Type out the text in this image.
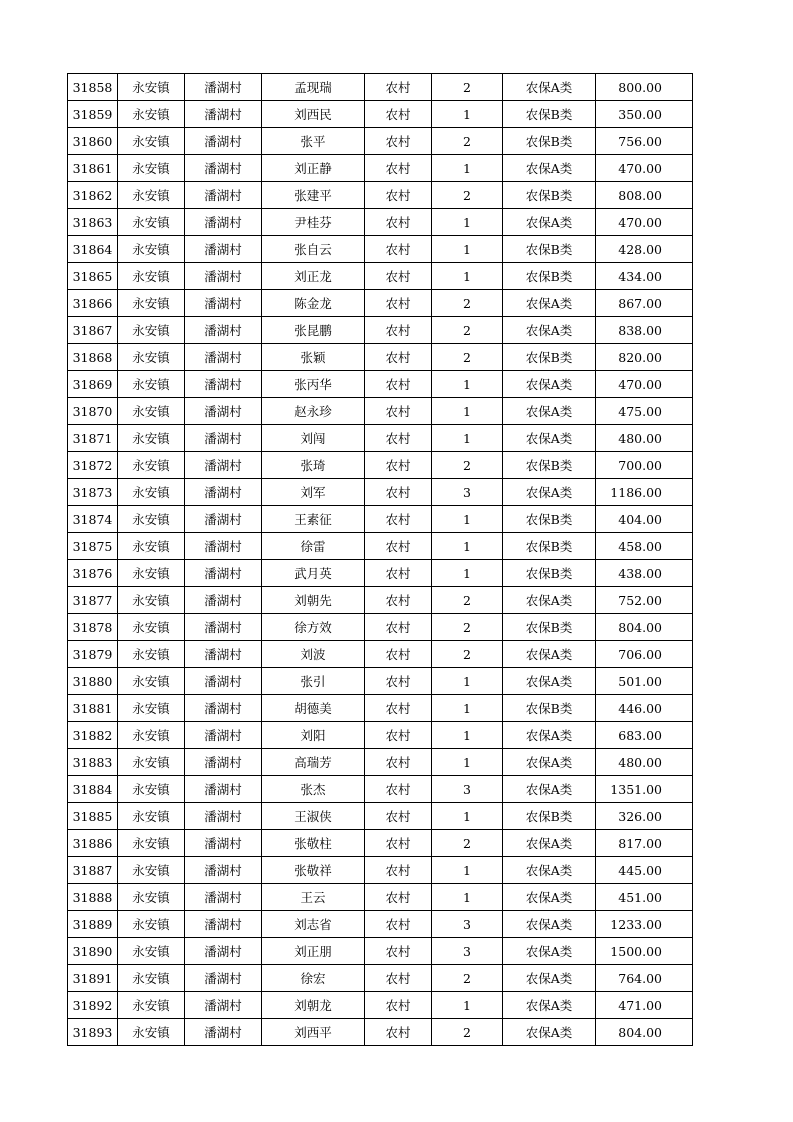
31858	永安镇	潘湖村	孟现瑞	农村	2	农保A类	800.00
31859	永安镇	潘湖村	刘西民	农村	1	农保B类	350.00
31860	永安镇	潘湖村	张平	农村	2	农保B类	756.00
31861	永安镇	潘湖村	刘正静	农村	1	农保A类	470.00
31862	永安镇	潘湖村	张建平	农村	2	农保B类	808.00
31863	永安镇	潘湖村	尹桂芬	农村	1	农保A类	470.00
31864	永安镇	潘湖村	张自云	农村	1	农保B类	428.00
31865	永安镇	潘湖村	刘正龙	农村	1	农保B类	434.00
31866	永安镇	潘湖村	陈金龙	农村	2	农保A类	867.00
31867	永安镇	潘湖村	张昆鹏	农村	2	农保A类	838.00
31868	永安镇	潘湖村	张颖	农村	2	农保B类	820.00
31869	永安镇	潘湖村	张丙华	农村	1	农保A类	470.00
31870	永安镇	潘湖村	赵永珍	农村	1	农保A类	475.00
31871	永安镇	潘湖村	刘闯	农村	1	农保A类	480.00
31872	永安镇	潘湖村	张琦	农村	2	农保B类	700.00
31873	永安镇	潘湖村	刘军	农村	3	农保A类	1186.00
31874	永安镇	潘湖村	王素征	农村	1	农保B类	404.00
31875	永安镇	潘湖村	徐雷	农村	1	农保B类	458.00
31876	永安镇	潘湖村	武月英	农村	1	农保B类	438.00
31877	永安镇	潘湖村	刘朝先	农村	2	农保A类	752.00
31878	永安镇	潘湖村	徐方效	农村	2	农保B类	804.00
31879	永安镇	潘湖村	刘波	农村	2	农保A类	706.00
31880	永安镇	潘湖村	张引	农村	1	农保A类	501.00
31881	永安镇	潘湖村	胡德美	农村	1	农保B类	446.00
31882	永安镇	潘湖村	刘阳	农村	1	农保A类	683.00
31883	永安镇	潘湖村	高瑞芳	农村	1	农保A类	480.00
31884	永安镇	潘湖村	张杰	农村	3	农保A类	1351.00
31885	永安镇	潘湖村	王淑侠	农村	1	农保B类	326.00
31886	永安镇	潘湖村	张敬柱	农村	2	农保A类	817.00
31887	永安镇	潘湖村	张敬祥	农村	1	农保A类	445.00
31888	永安镇	潘湖村	王云	农村	1	农保A类	451.00
31889	永安镇	潘湖村	刘志省	农村	3	农保A类	1233.00
31890	永安镇	潘湖村	刘正朋	农村	3	农保A类	1500.00
31891	永安镇	潘湖村	徐宏	农村	2	农保A类	764.00
31892	永安镇	潘湖村	刘朝龙	农村	1	农保A类	471.00
31893	永安镇	潘湖村	刘西平	农村	2	农保A类	804.00
